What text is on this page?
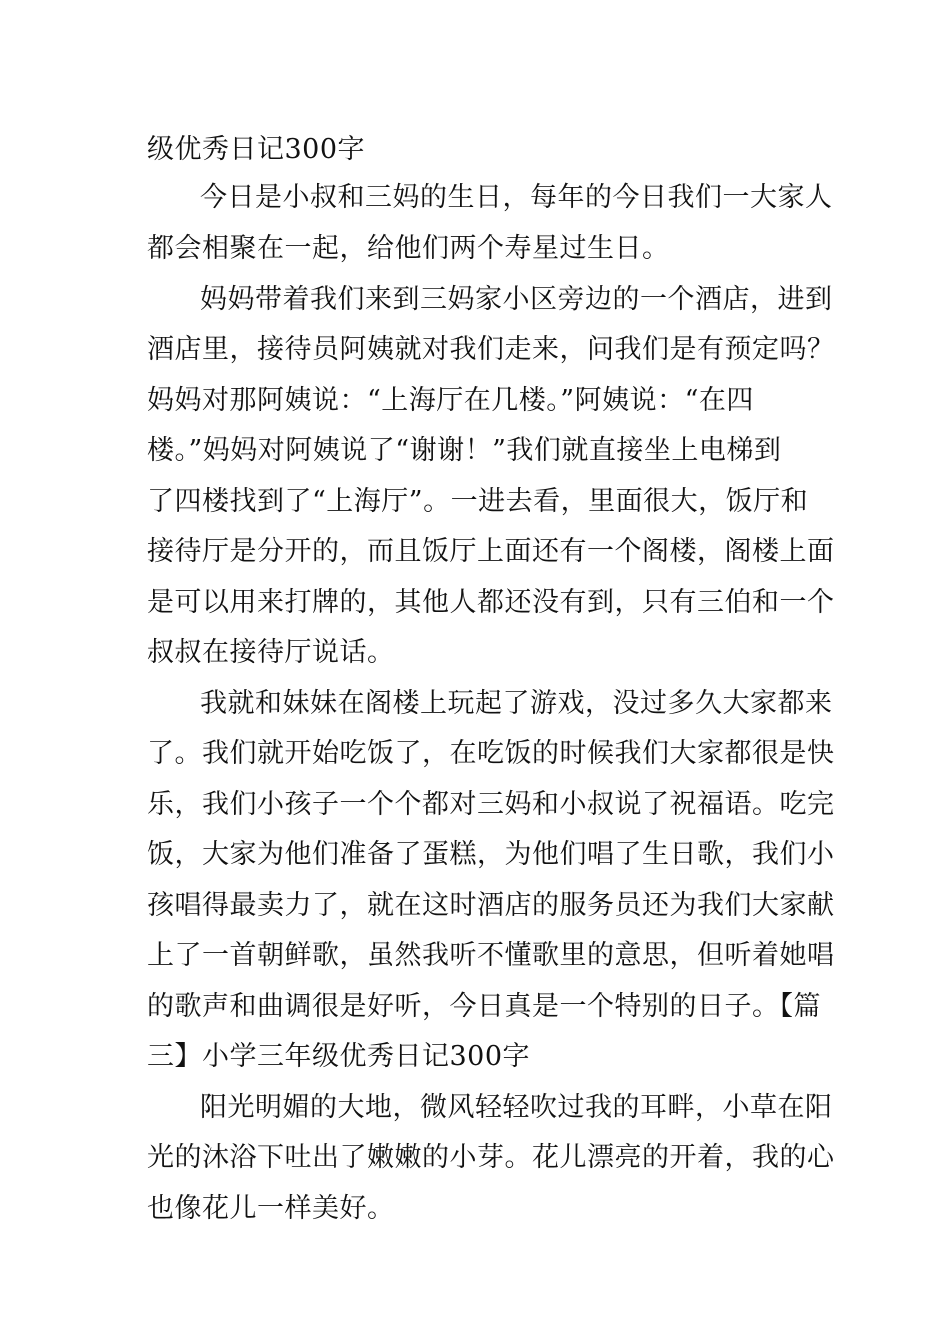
级优秀日记300字
今日是小叔和三妈的生日，每年的今日我们一大家人
都会相聚在一起，给他们两个寿星过生日。
妈妈带着我们来到三妈家小区旁边的一个酒店，进到
酒店里，接待员阿姨就对我们走来，问我们是有预定吗？
妈妈对那阿姨说：“上海厅在几楼。”阿姨说：“在四
楼。”妈妈对阿姨说了“谢谢！”我们就直接坐上电梯到
了四楼找到了“上海厅”。一进去看，里面很大，饭厅和
接待厅是分开的，而且饭厅上面还有一个阁楼，阁楼上面
是可以用来打牌的，其他人都还没有到，只有三伯和一个
叔叔在接待厅说话。
我就和妹妹在阁楼上玩起了游戏，没过多久大家都来
了。我们就开始吃饭了，在吃饭的时候我们大家都很是快
乐，我们小孩子一个个都对三妈和小叔说了祝福语。吃完
饭，大家为他们准备了蛋糕，为他们唱了生日歌，我们小
孩唱得最卖力了，就在这时酒店的服务员还为我们大家献
上了一首朝鲜歌，虽然我听不懂歌里的意思，但听着她唱
的歌声和曲调很是好听，今日真是一个特别的日子。【篇
三】小学三年级优秀日记300字
阳光明媚的大地，微风轻轻吹过我的耳畔，小草在阳
光的沐浴下吐出了嫩嫩的小芽。花儿漂亮的开着，我的心
也像花儿一样美好。
